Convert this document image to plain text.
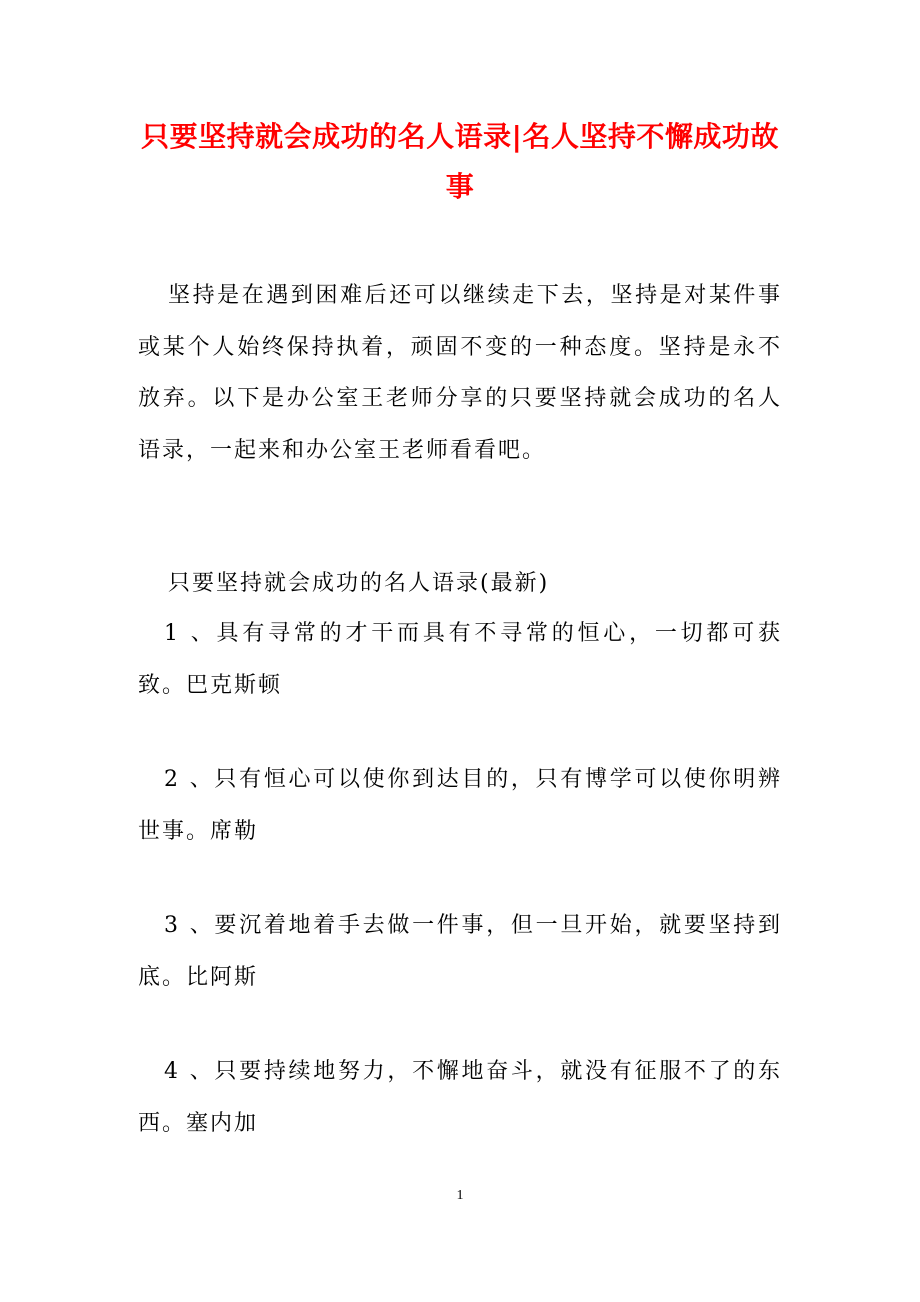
只要坚持就会成功的名人语录|名人坚持不懈成功故事
坚持是在遇到困难后还可以继续走下去，坚持是对某件事或某个人始终保持执着，顽固不变的一种态度。坚持是永不放弃。以下是办公室王老师分享的只要坚持就会成功的名人语录，一起来和办公室王老师看看吧。
只要坚持就会成功的名人语录(最新)
1 、具有寻常的才干而具有不寻常的恒心，一切都可获致。巴克斯顿
2 、只有恒心可以使你到达目的，只有博学可以使你明辨世事。席勒
3 、要沉着地着手去做一件事，但一旦开始，就要坚持到底。比阿斯
4 、只要持续地努力，不懈地奋斗，就没有征服不了的东西。塞内加
1
